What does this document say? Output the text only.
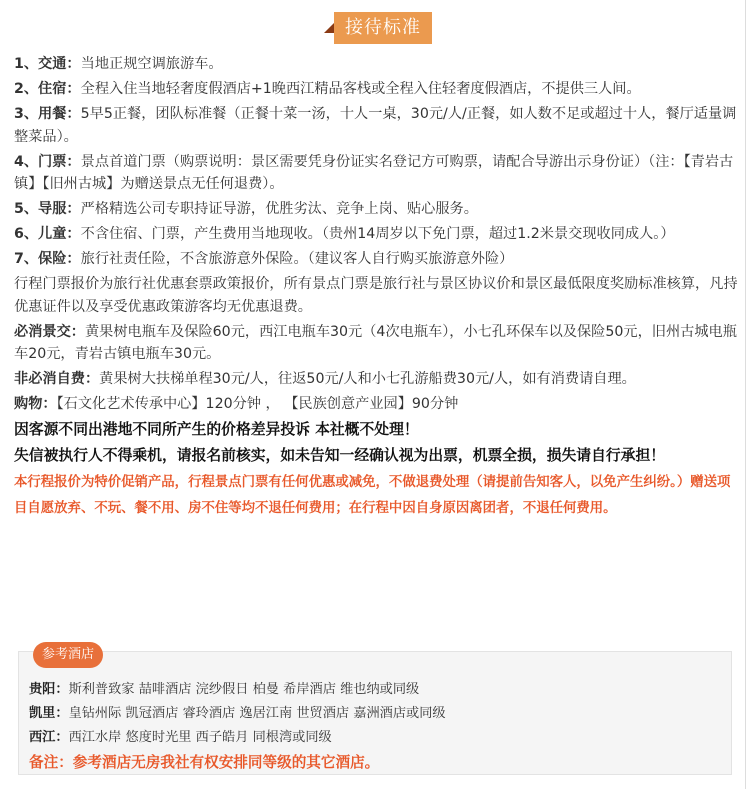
接待标准

1、交通：当地正规空调旅游车。

2、住宿：全程入住当地轻奢度假酒店+1晚西江精品客栈或全程入住轻奢度假酒店，不提供三人间。

3、用餐：5早5正餐，团队标准餐（正餐十菜一汤，十人一桌，30元/人/正餐，如人数不足或超过十人，餐厅适量调整菜品）。

4、门票：景点首道门票（购票说明：景区需要凭身份证实名登记方可购票，请配合导游出示身份证）（注：【青岩古镇】【旧州古城】为赠送景点无任何退费）。

5、导服：严格精选公司专职持证导游，优胜劣汰、竞争上岗、贴心服务。

6、儿童：不含住宿、门票，产生费用当地现收。（贵州14周岁以下免门票，超过1.2米景交现收同成人。）

7、保险：旅行社责任险，不含旅游意外保险。（建议客人自行购买旅游意外险）

行程门票报价为旅行社优惠套票政策报价，所有景点门票是旅行社与景区协议价和景区最低限度奖励标准核算，凡持优惠证件以及享受优惠政策游客均无优惠退费。

必消景交：黄果树电瓶车及保险60元，西江电瓶车30元（4次电瓶车），小七孔环保车以及保险50元，旧州古城电瓶车20元，青岩古镇电瓶车30元。

非必消自费：黄果树大扶梯单程30元/人，往返50元/人和小七孔游船费30元/人，如有消费请自理。

购物：【石文化艺术传承中心】120分钟 ， 【民族创意产业园】90分钟

因客源不同出港地不同所产生的价格差异投诉 本社概不处理！

失信被执行人不得乘机，请报名前核实，如未告知一经确认视为出票，机票全损，损失请自行承担！

本行程报价为特价促销产品，行程景点门票有任何优惠或减免，不做退费处理（请提前告知客人，以免产生纠纷。）赠送项目自愿放弃、不玩、餐不用、房不住等均不退任何费用；在行程中因自身原因离团者，不退任何费用。

参考酒店

贵阳：斯利普致家 喆啡酒店 浣纱假日 柏曼 希岸酒店 维也纳或同级

凯里：皇钻州际 凯冠酒店 睿玲酒店 逸居江南 世贸酒店 嘉洲酒店或同级

西江：西江水岸 悠度时光里 西子皓月 同根湾或同级

备注：参考酒店无房我社有权安排同等级的其它酒店。
